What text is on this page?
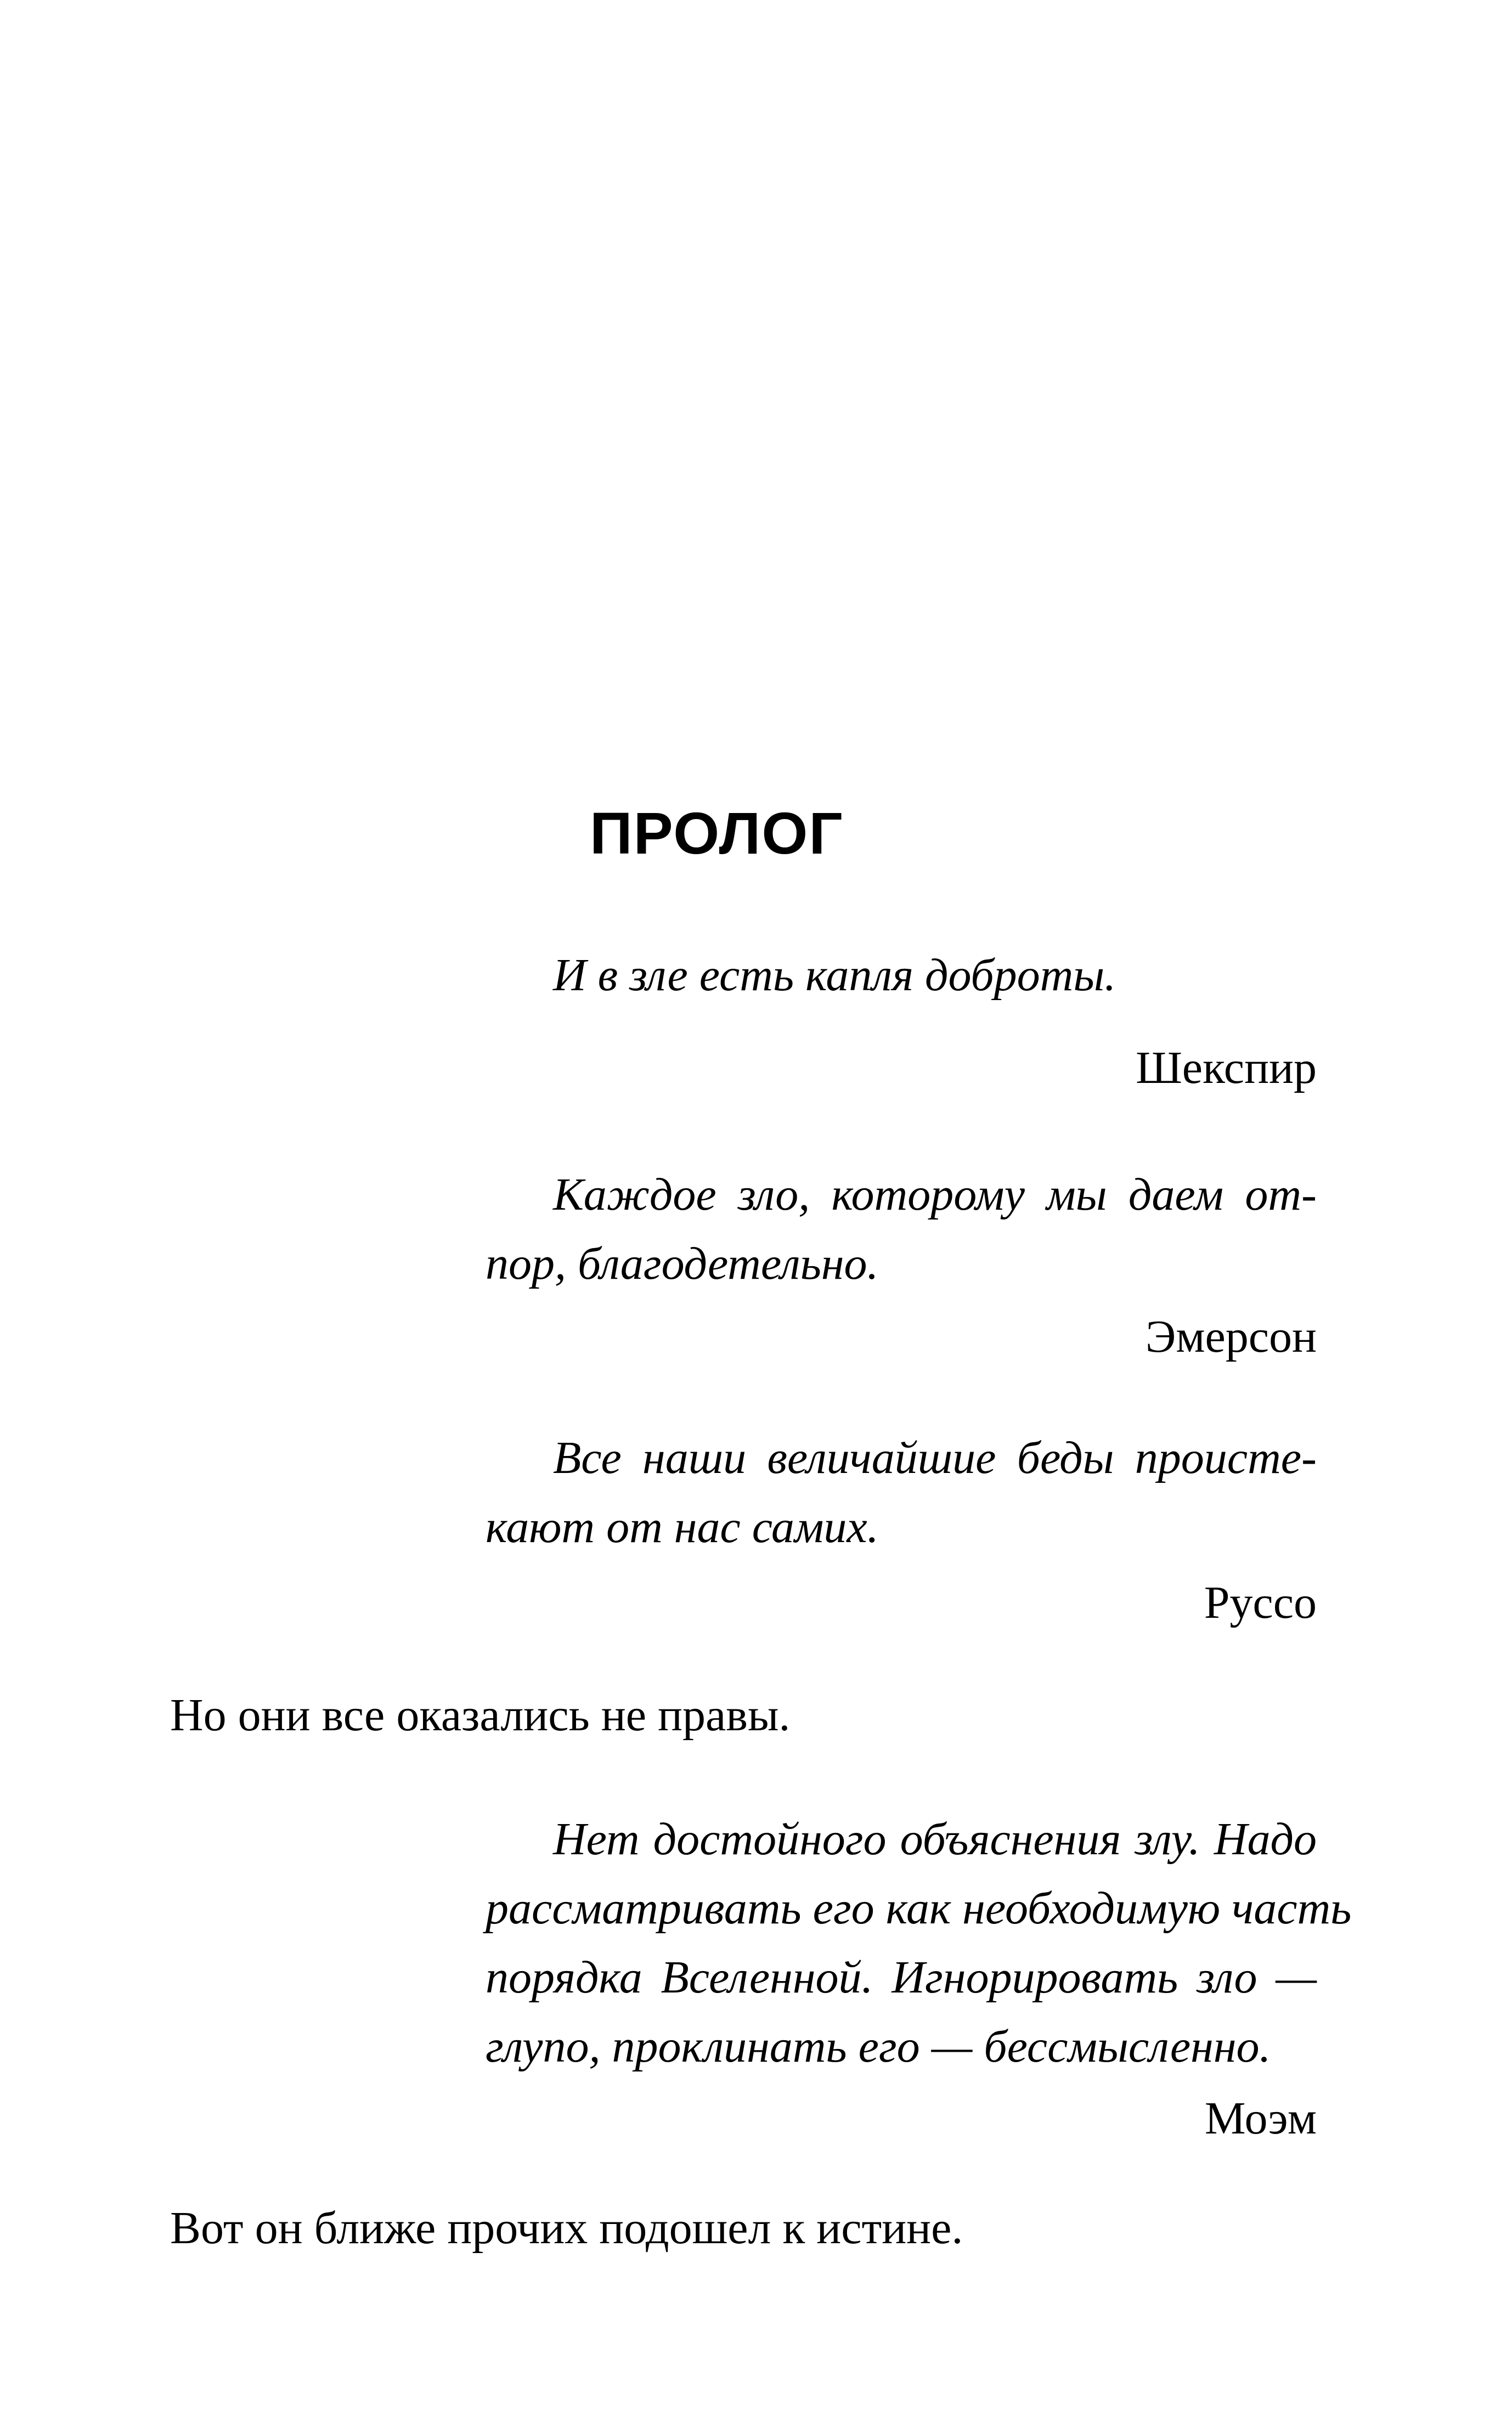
ПРОЛОГ
И в зле есть капля доброты.
Шекспир
Каждое зло, которому мы даем от-
пор, благодетельно.
Эмерсон
Все наши величайшие беды происте-
кают от нас самих.
Руссо
Но они все оказались не правы.
Нет достойного объяснения злу. Надо
рассматривать его как необходимую часть
порядка Вселенной. Игнорировать зло —
глупо, проклинать его — бессмысленно.
Моэм
Вот он ближе прочих подошел к истине.
